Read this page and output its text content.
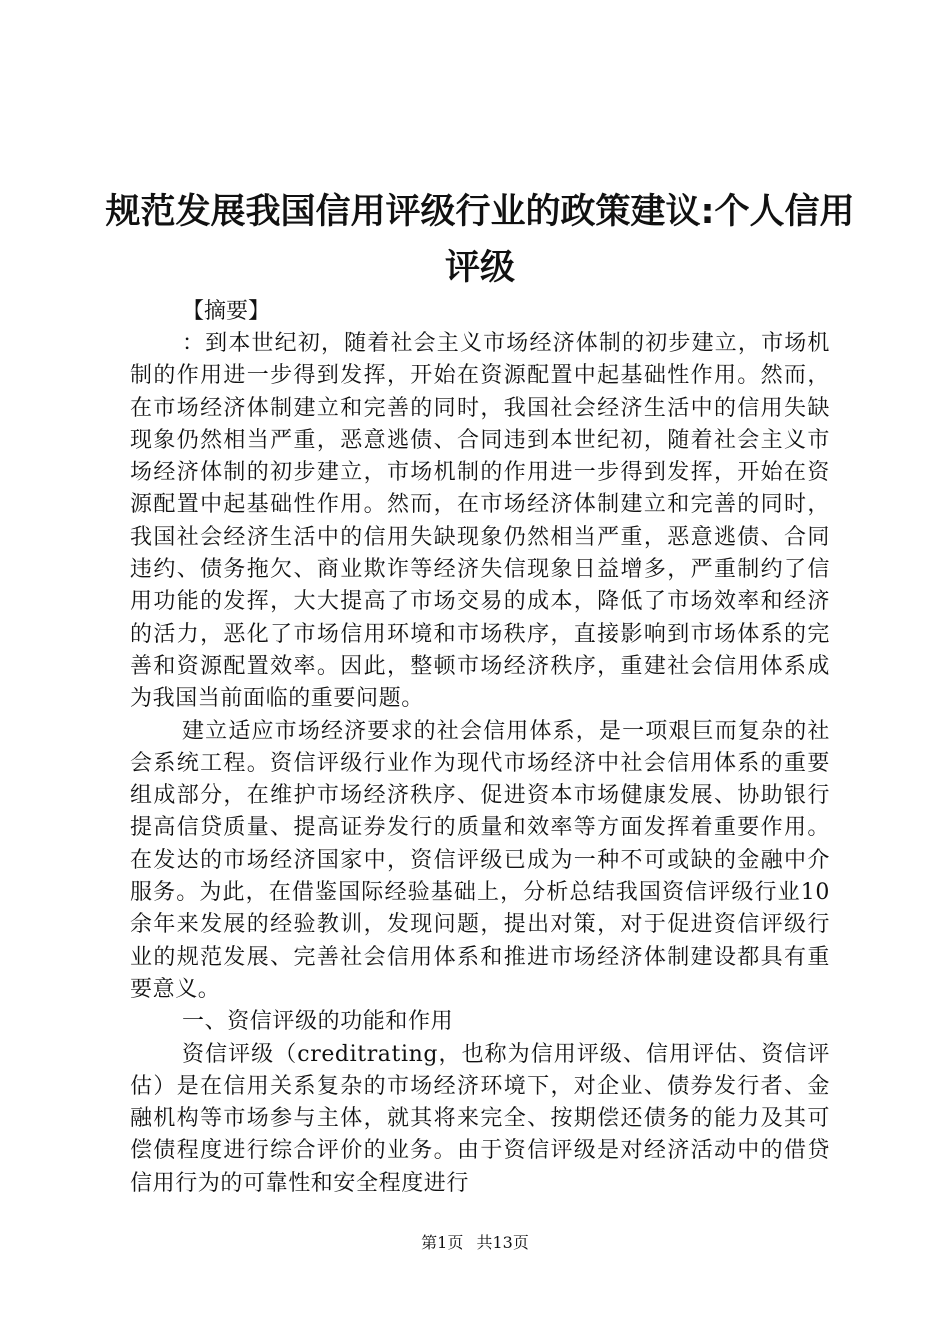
规范发展我国信用评级行业的政策建议:个人信用评级

【摘要】

：到本世纪初，随着社会主义市场经济体制的初步建立，市场机制的作用进一步得到发挥，开始在资源配置中起基础性作用。然而，在市场经济体制建立和完善的同时，我国社会经济生活中的信用失缺现象仍然相当严重，恶意逃债、合同违到本世纪初，随着社会主义市场经济体制的初步建立，市场机制的作用进一步得到发挥，开始在资源配置中起基础性作用。然而，在市场经济体制建立和完善的同时，我国社会经济生活中的信用失缺现象仍然相当严重，恶意逃债、合同违约、债务拖欠、商业欺诈等经济失信现象日益增多，严重制约了信用功能的发挥，大大提高了市场交易的成本，降低了市场效率和经济的活力，恶化了市场信用环境和市场秩序，直接影响到市场体系的完善和资源配置效率。因此，整顿市场经济秩序，重建社会信用体系成为我国当前面临的重要问题。

建立适应市场经济要求的社会信用体系，是一项艰巨而复杂的社会系统工程。资信评级行业作为现代市场经济中社会信用体系的重要组成部分，在维护市场经济秩序、促进资本市场健康发展、协助银行提高信贷质量、提高证券发行的质量和效率等方面发挥着重要作用。在发达的市场经济国家中，资信评级已成为一种不可或缺的金融中介服务。为此，在借鉴国际经验基础上，分析总结我国资信评级行业10余年来发展的经验教训，发现问题，提出对策，对于促进资信评级行业的规范发展、完善社会信用体系和推进市场经济体制建设都具有重要意义。

一、资信评级的功能和作用

资信评级（creditrating，也称为信用评级、信用评估、资信评估）是在信用关系复杂的市场经济环境下，对企业、债券发行者、金融机构等市场参与主体，就其将来完全、按期偿还债务的能力及其可偿债程度进行综合评价的业务。由于资信评级是对经济活动中的借贷信用行为的可靠性和安全程度进行

第1页 共13页
